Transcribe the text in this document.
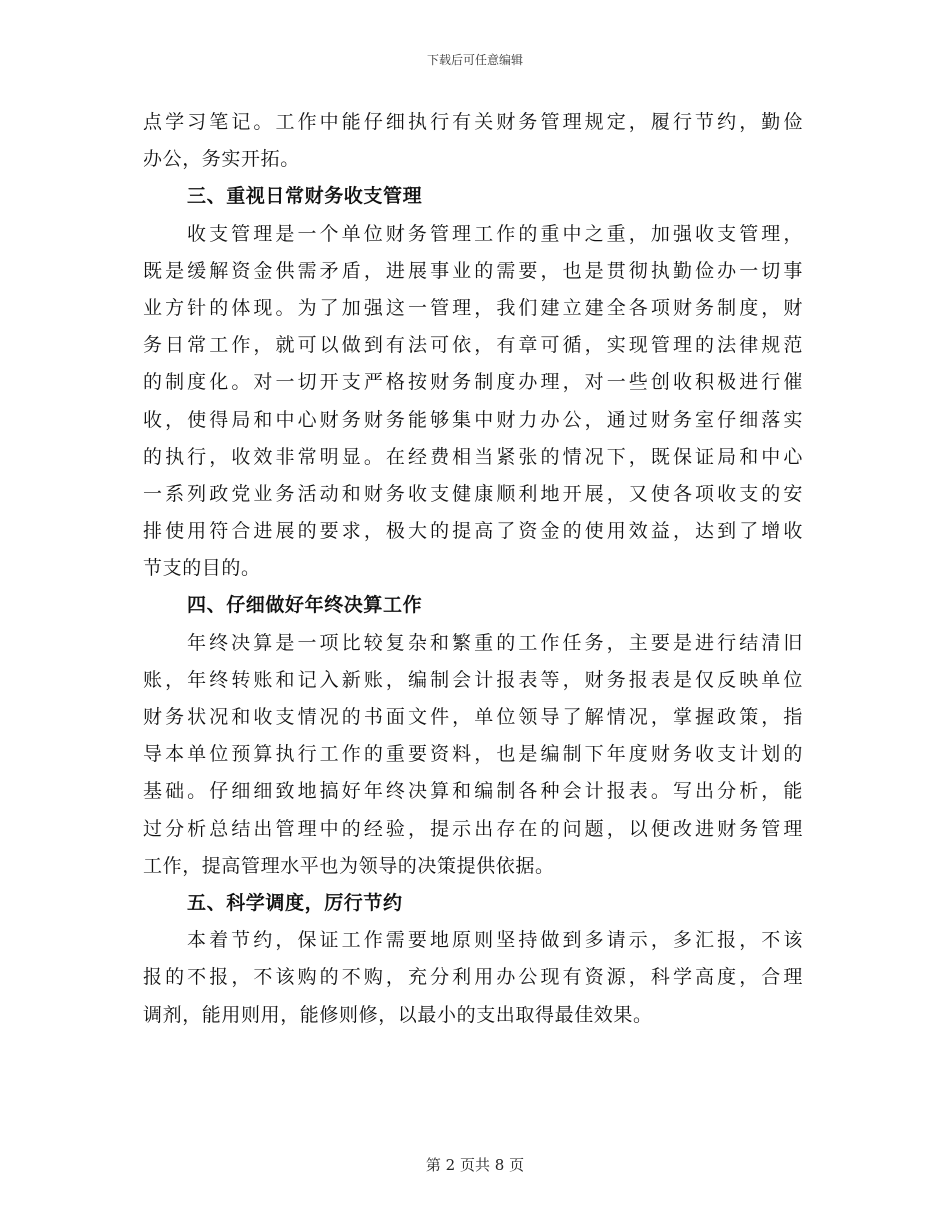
下载后可任意编辑
点学习笔记。工作中能仔细执行有关财务管理规定，履行节约，勤俭
办公，务实开拓。
三、重视日常财务收支管理
收支管理是一个单位财务管理工作的重中之重，加强收支管理，
既是缓解资金供需矛盾，进展事业的需要，也是贯彻执勤俭办一切事
业方针的体现。为了加强这一管理，我们建立建全各项财务制度，财
务日常工作，就可以做到有法可依，有章可循，实现管理的法律规范
的制度化。对一切开支严格按财务制度办理，对一些创收积极进行催
收，使得局和中心财务财务能够集中财力办公，通过财务室仔细落实
的执行，收效非常明显。在经费相当紧张的情况下，既保证局和中心
一系列政党业务活动和财务收支健康顺利地开展，又使各项收支的安
排使用符合进展的要求，极大的提高了资金的使用效益，达到了增收
节支的目的。
四、仔细做好年终决算工作
年终决算是一项比较复杂和繁重的工作任务，主要是进行结清旧
账，年终转账和记入新账，编制会计报表等，财务报表是仅反映单位
财务状况和收支情况的书面文件，单位领导了解情况，掌握政策，指
导本单位预算执行工作的重要资料，也是编制下年度财务收支计划的
基础。仔细细致地搞好年终决算和编制各种会计报表。写出分析，能
过分析总结出管理中的经验，提示出存在的问题，以便改进财务管理
工作，提高管理水平也为领导的决策提供依据。
五、科学调度，厉行节约
本着节约，保证工作需要地原则坚持做到多请示，多汇报，不该
报的不报，不该购的不购，充分利用办公现有资源，科学高度，合理
调剂，能用则用，能修则修，以最小的支出取得最佳效果。
第 2 页共 8 页
